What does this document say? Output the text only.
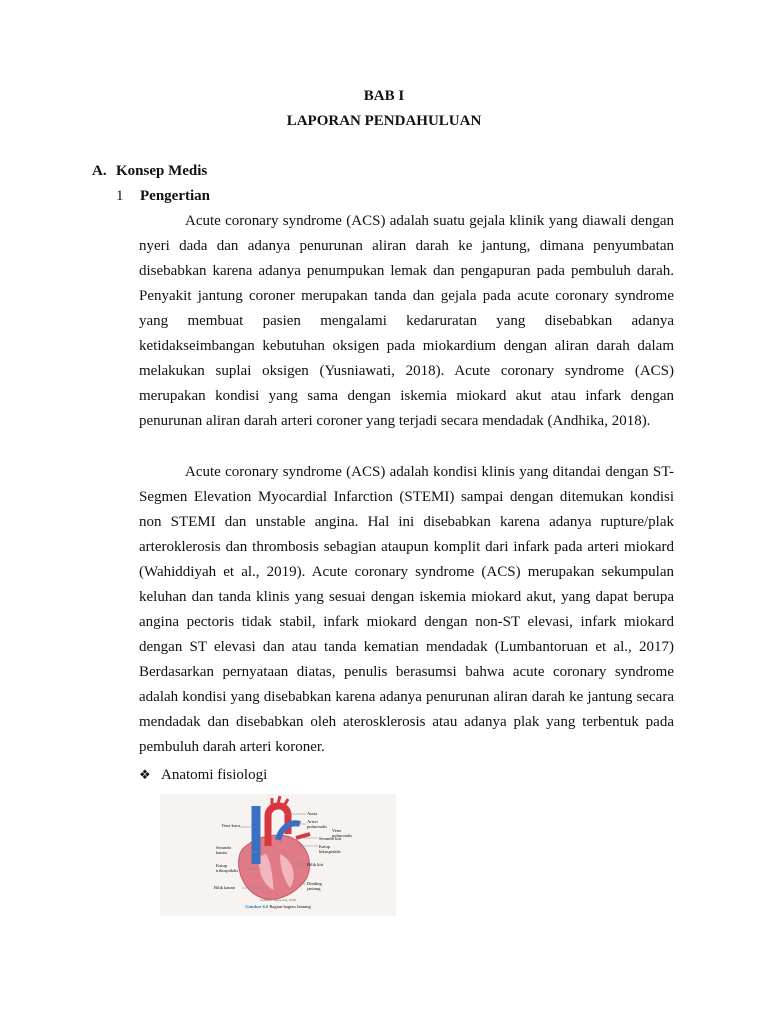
BAB I
LAPORAN PENDAHULUAN
A. Konsep Medis
1 Pengertian

Acute coronary syndrome (ACS) adalah suatu gejala klinik yang diawali dengan nyeri dada dan adanya penurunan aliran darah ke jantung, dimana penyumbatan disebabkan karena adanya penumpukan lemak dan pengapuran pada pembuluh darah. Penyakit jantung coroner merupakan tanda dan gejala pada acute coronary syndrome yang membuat pasien mengalami kedaruratan yang disebabkan adanya ketidakseimbangan kebutuhan oksigen pada miokardium dengan aliran darah dalam melakukan suplai oksigen (Yusniawati, 2018). Acute coronary syndrome (ACS) merupakan kondisi yang sama dengan iskemia miokard akut atau infark dengan penurunan aliran darah arteri coroner yang terjadi secara mendadak (Andhika, 2018).

Acute coronary syndrome (ACS) adalah kondisi klinis yang ditandai dengan ST-Segmen Elevation Myocardial Infarction (STEMI) sampai dengan ditemukan kondisi non STEMI dan unstable angina. Hal ini disebabkan karena adanya rupture/plak arteroklerosis dan thrombosis sebagian ataupun komplit dari infark pada arteri miokard (Wahiddiyah et al., 2019). Acute coronary syndrome (ACS) merupakan sekumpulan keluhan dan tanda klinis yang sesuai dengan iskemia miokard akut, yang dapat berupa angina pectoris tidak stabil, infark miokard dengan non-ST elevasi, infark miokard dengan ST elevasi dan atau tanda kematian mendadak (Lumbantoruan et al., 2017) Berdasarkan pernyataan diatas, penulis berasumsi bahwa acute coronary syndrome adalah kondisi yang disebabkan karena adanya penurunan aliran darah ke jantung secara mendadak dan disebabkan oleh aterosklerosis atau adanya plak yang terbentuk pada pembuluh darah arteri koroner.

❖ Anatomi fisiologi
Vena kava
Serambi kanan
Katup trikuspidalis
Bilik kanan
Aorta
Arteri pulmonalis
Vena pulmonalis
Serambi kiri
Katup bikuspidalis
Bilik kiri
Dinding jantung
Sumber: Sherwood, 2016
Gambar 6.6 Bagian-bagian Jantung
